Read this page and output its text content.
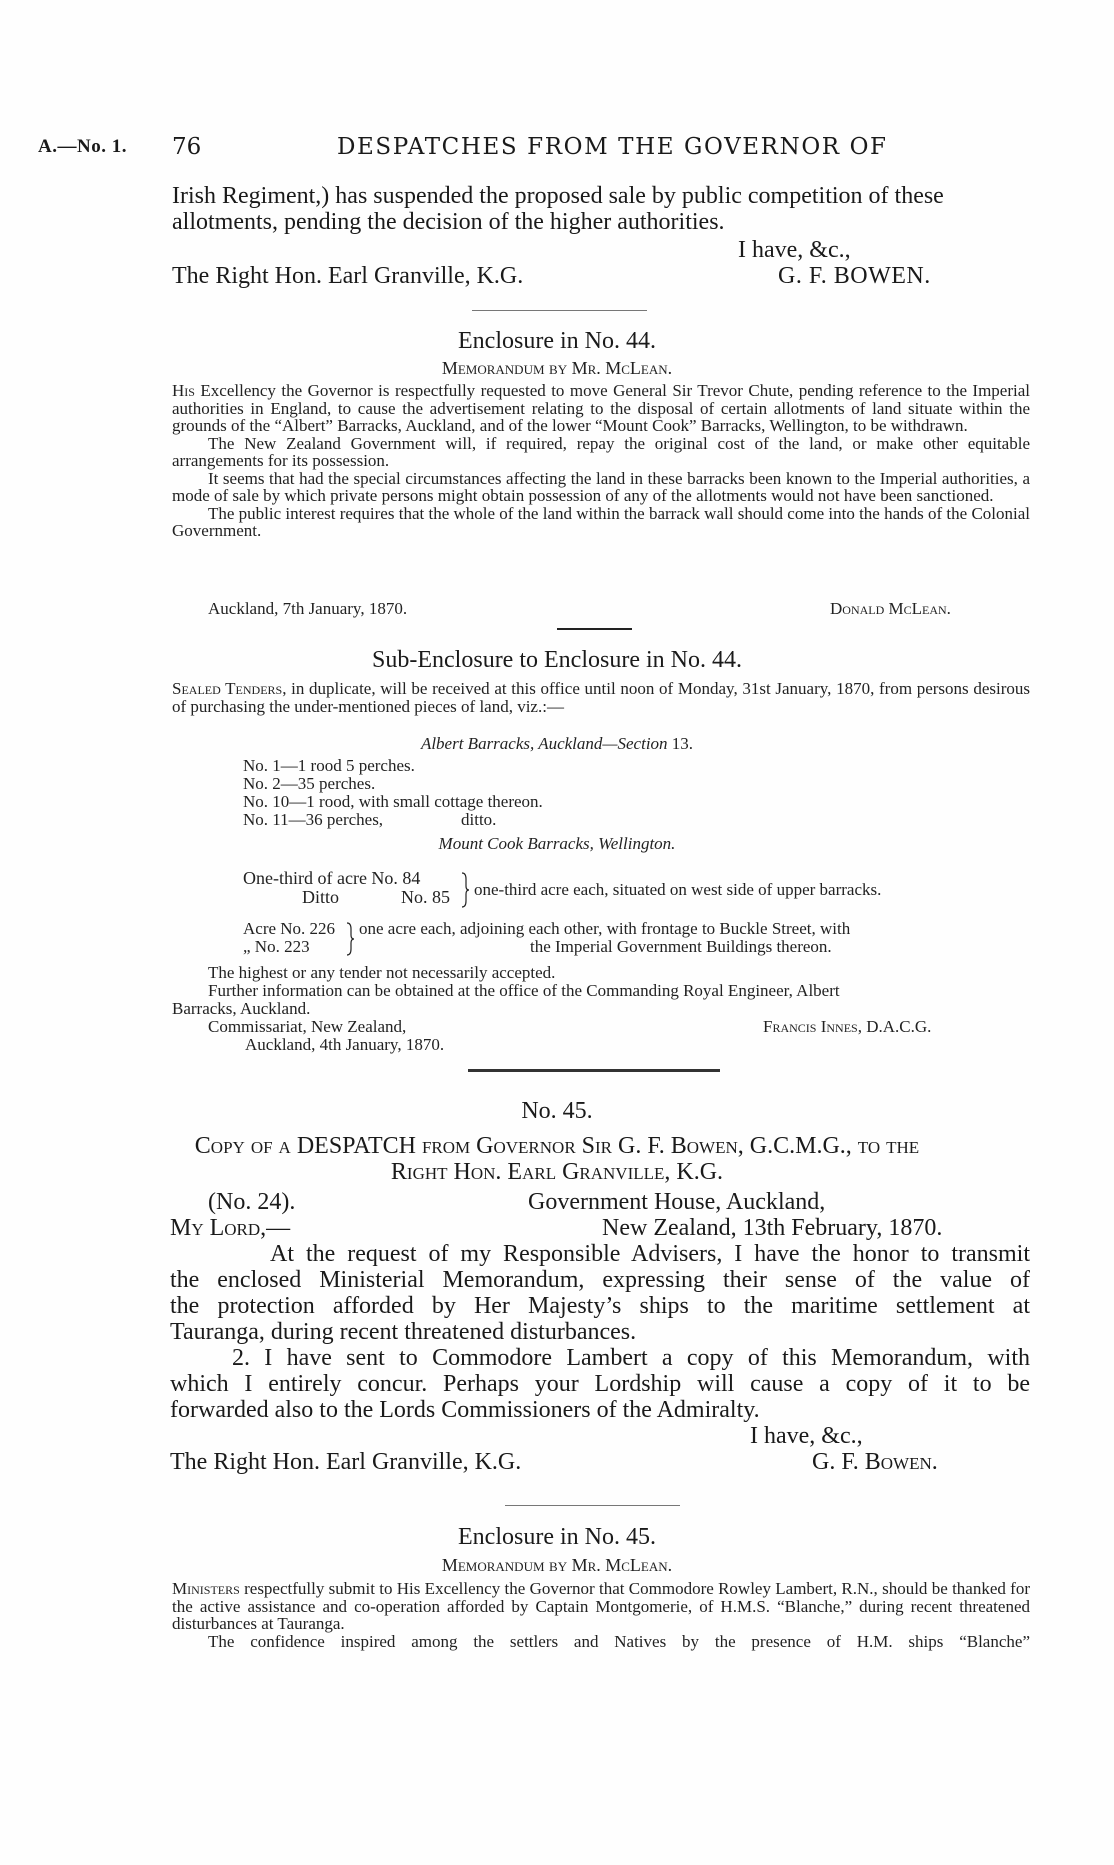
A.—No. 1. 76	DESPATCHES FROM THE GOVERNOR OF

Irish Regiment,) has suspended the proposed sale by public competition of these

allotments, pending the decision of the higher authorities.

I have, &c.,
The Right Hon. Earl Granville, K.G.	G. F. BOWEN.
Enclosure in No. 44.
Memorandum by Mr. McLean.

His Excellency the Governor is respectfully requested to move General Sir Trevor Chute, pending reference to the Imperial authorities in England, to cause the advertisement relating to the disposal of certain allotments of land situate within the grounds of the “Albert” Barracks, Auckland, and of the lower “Mount Cook” Barracks, Wellington, to be withdrawn.

The New Zealand Government will, if required, repay the original cost of the land, or make other equitable arrangements for its possession.

It seems that had the special circumstances affecting the land in these barracks been known to the Imperial authorities, a mode of sale by which private persons might obtain possession of any of the allotments would not have been sanctioned.

The public interest requires that the whole of the land within the barrack wall should come into the hands of the Colonial Government.

Auckland, 7th January, 1870.	Donald McLean.
Sub-Enclosure to Enclosure in No. 44.

Sealed Tenders, in duplicate, will be received at this office until noon of Monday, 31st January, 1870, from persons desirous of purchasing the under-mentioned pieces of land, viz.:—

Albert Barracks, Auckland—Section 13.
No. 1—1 rood 5 perches.
No. 2—35 perches.
No. 10—1 rood, with small cottage thereon.
No. 11—36 perches,	ditto.
Mount Cook Barracks, Wellington.
One-third of acre No. 84
Ditto	No. 85 one-third acre each, situated on west side of upper barracks.
Acre No. 226
„ No. 223
one acre each, adjoining each other, with frontage to Buckle Street, with
the Imperial Government Buildings thereon.
The highest or any tender not necessarily accepted.
Further information can be obtained at the office of the Commanding Royal Engineer, Albert
Barracks, Auckland.
Commissariat, New Zealand,	Francis Innes, D.A.C.G.
Auckland, 4th January, 1870.
No. 45.
Copy of a DESPATCH from Governor Sir G. F. Bowen, G.C.M.G., to the
Right Hon. Earl Granville, K.G.
(No. 24).	Government House, Auckland,
My Lord,—	New Zealand, 13th February, 1870.

At the request of my Responsible Advisers, I have the honor to transmit

the enclosed Ministerial Memorandum, expressing their sense of the value of

the protection afforded by Her Majesty’s ships to the maritime settlement at

Tauranga, during recent threatened disturbances.

2. I have sent to Commodore Lambert a copy of this Memorandum, with

which I entirely concur. Perhaps your Lordship will cause a copy of it to be

forwarded also to the Lords Commissioners of the Admiralty.

I have, &c.,
The Right Hon. Earl Granville, K.G.	G. F. Bowen.
Enclosure in No. 45.
Memorandum by Mr. McLean.

Ministers respectfully submit to His Excellency the Governor that Commodore Rowley Lambert, R.N., should be thanked for the active assistance and co-operation afforded by Captain Montgomerie, of H.M.S. “Blanche,” during recent threatened disturbances at Tauranga.

The confidence inspired among the settlers and Natives by the presence of H.M. ships “Blanche”
